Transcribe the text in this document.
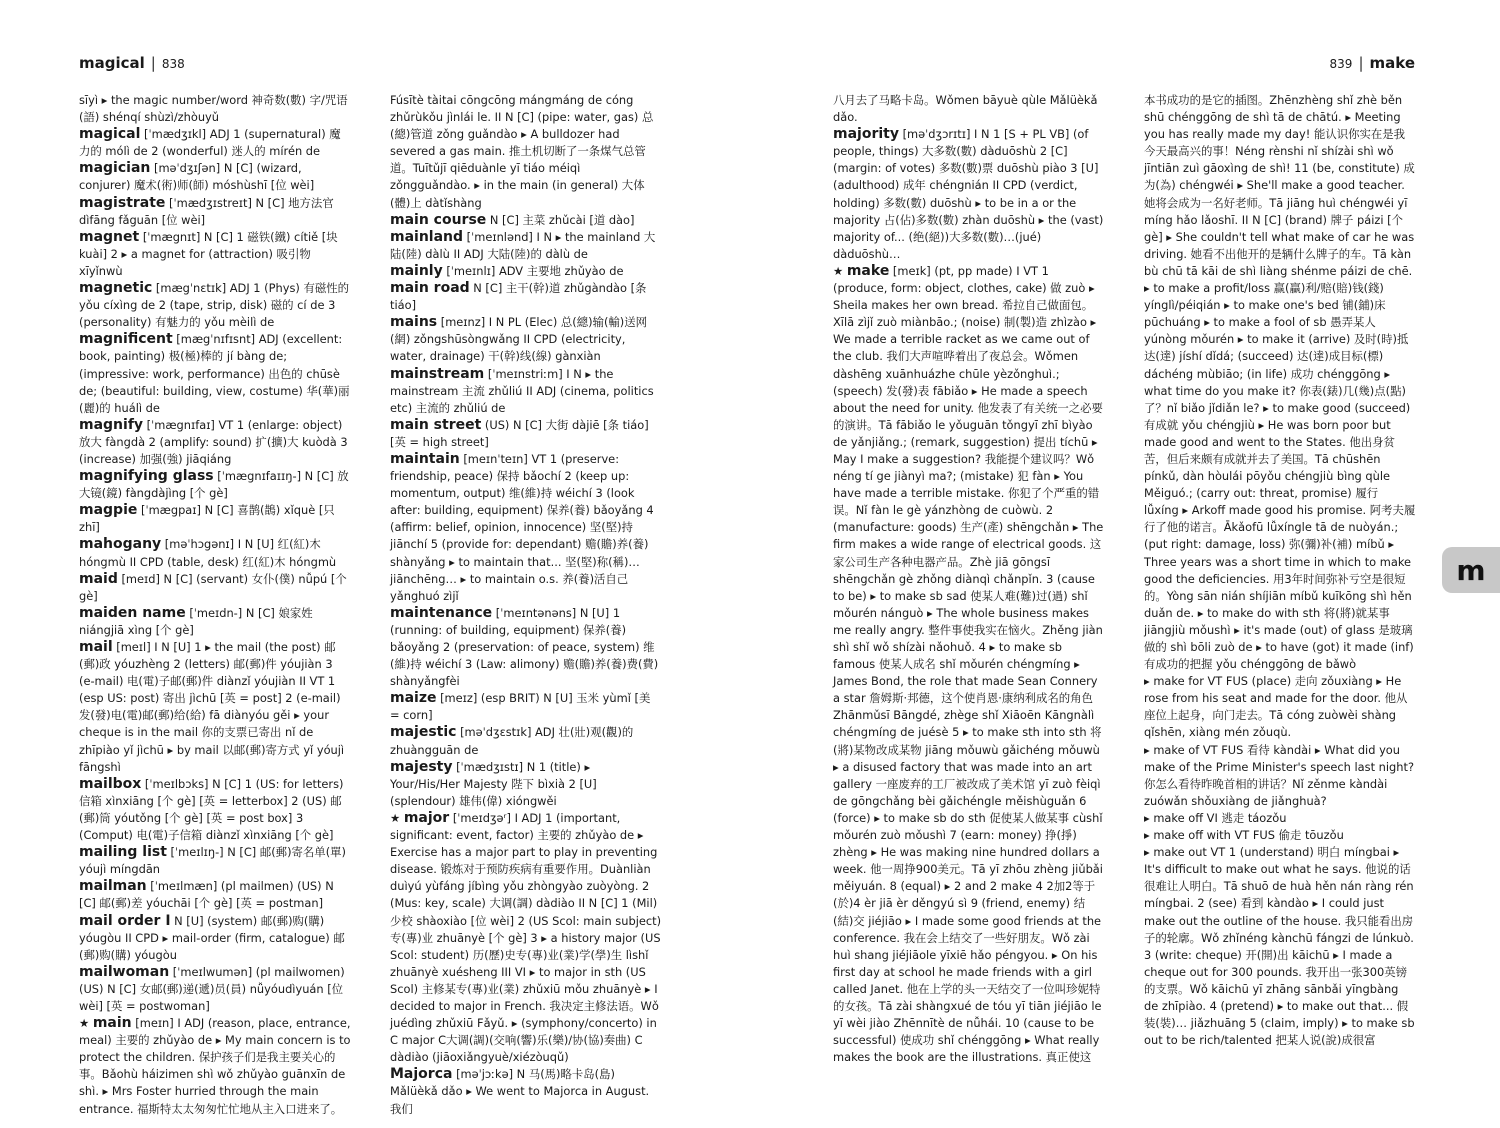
magical | 838

sīyì ▸ the magic number/word 神奇数(數) 字/咒语(語) shénqí shùzì/zhòuyǔ

magical [ˈmædʒɪkl] ADJ 1 (supernatural) 魔力的 mólì de 2 (wonderful) 迷人的 mírén de

magician [məˈdʒɪʃən] N [C] (wizard, conjurer) 魔术(術)师(師) móshùshī [位 wèi]

magistrate [ˈmædʒɪstreɪt] N [C] 地方法官 dìfāng fǎguān [位 wèi]

magnet [ˈmægnɪt] N [C] 1 磁铁(鐵) cítiě [块 kuài] 2 ▸ a magnet for (attraction) 吸引物 xīyǐnwù

magnetic [mægˈnɛtɪk] ADJ 1 (Phys) 有磁性的 yǒu cíxìng de 2 (tape, strip, disk) 磁的 cí de 3 (personality) 有魅力的 yǒu mèilì de

magnificent [mægˈnɪfɪsnt] ADJ (excellent: book, painting) 极(極)棒的 jí bàng de; (impressive: work, performance) 出色的 chūsè de; (beautiful: building, view, costume) 华(華)丽(麗)的 huálì de

magnify [ˈmægnɪfaɪ] VT 1 (enlarge: object) 放大 fàngdà 2 (amplify: sound) 扩(擴)大 kuòdà 3 (increase) 加强(強) jiāqiáng

magnifying glass [ˈmægnɪfaɪɪŋ-] N [C] 放大镜(鏡) fàngdàjìng [个 gè]

magpie [ˈmægpaɪ] N [C] 喜鹊(鵲) xǐquè [只 zhī]

mahogany [məˈhɔgənɪ] I N [U] 红(紅)木 hóngmù II CPD (table, desk) 红(紅)木 hóngmù

maid [meɪd] N [C] (servant) 女仆(僕) nǚpú [个 gè]

maiden name [ˈmeɪdn-] N [C] 娘家姓 niángjiā xìng [个 gè]

mail [meɪl] I N [U] 1 ▸ the mail (the post) 邮(郵)政 yóuzhèng 2 (letters) 邮(郵)件 yóujiàn 3 (e-mail) 电(電)子邮(郵)件 diànzǐ yóujiàn II VT 1 (esp US: post) 寄出 jìchū [英 = post] 2 (e-mail) 发(發)电(電)邮(郵)给(給) fā diànyóu gěi ▸ your cheque is in the mail 你的支票已寄出 nǐ de zhīpiào yǐ jìchū ▸ by mail 以邮(郵)寄方式 yǐ yóujì fāngshì

mailbox [ˈmeɪlbɔks] N [C] 1 (US: for letters) 信箱 xìnxiāng [个 gè] [英 = letterbox] 2 (US) 邮(郵)筒 yóutǒng [个 gè] [英 = post box] 3 (Comput) 电(電)子信箱 diànzǐ xìnxiāng [个 gè]

mailing list [ˈmeɪlɪŋ-] N [C] 邮(郵)寄名单(單) yóujì míngdān

mailman [ˈmeɪlmæn] (pl mailmen) (US) N [C] 邮(郵)差 yóuchāi [个 gè] [英 = postman]

mail order I N [U] (system) 邮(郵)购(購) yóugòu II CPD ▸ mail-order (firm, catalogue) 邮(郵)购(購) yóugòu

mailwoman [ˈmeɪlwumən] (pl mailwomen) (US) N [C] 女邮(郵)递(遞)员(員) nǚyóudìyuán [位 wèi] [英 = postwoman]

★ main [meɪn] I ADJ (reason, place, entrance, meal) 主要的 zhǔyào de ▸ My main concern is to protect the children. 保护孩子们是我主要关心的事。Bǎohù háizimen shì wǒ zhǔyào guānxīn de shì. ▸ Mrs Foster hurried through the main entrance. 福斯特太太匆匆忙忙地从主入口进来了。

Fúsītè tàitai cōngcōng mángmáng de cóng zhǔrùkǒu jìnlái le. II N [C] (pipe: water, gas) 总(總)管道 zǒng guǎndào ▸ A bulldozer had severed a gas main. 推土机切断了一条煤气总管道。Tuītǔjī qiēduànle yī tiáo méiqì zǒngguǎndào. ▸ in the main (in general) 大体(體)上 dàtǐshàng

main course N [C] 主菜 zhǔcài [道 dào]

mainland [ˈmeɪnlənd] I N ▸ the mainland 大陆(陸) dàlù II ADJ 大陆(陸)的 dàlù de

mainly [ˈmeɪnlɪ] ADV 主要地 zhǔyào de

main road N [C] 主干(幹)道 zhǔgàndào [条 tiáo]

mains [meɪnz] I N PL (Elec) 总(總)输(輸)送网(網) zǒngshūsòngwǎng II CPD (electricity, water, drainage) 干(幹)线(線) gànxiàn

mainstream [ˈmeɪnstriːm] I N ▸ the mainstream 主流 zhǔliú II ADJ (cinema, politics etc) 主流的 zhǔliú de

main street (US) N [C] 大街 dàjiē [条 tiáo] [英 = high street]

maintain [meɪnˈteɪn] VT 1 (preserve: friendship, peace) 保持 bǎochí 2 (keep up: momentum, output) 维(維)持 wéichí 3 (look after: building, equipment) 保养(養) bǎoyǎng 4 (affirm: belief, opinion, innocence) 坚(堅)持 jiānchí 5 (provide for: dependant) 赡(贍)养(養) shànyǎng ▸ to maintain that... 坚(堅)称(稱)… jiānchēng… ▸ to maintain o.s. 养(養)活自己 yǎnghuó zìjǐ

maintenance [ˈmeɪntənəns] N [U] 1 (running: of building, equipment) 保养(養) bǎoyǎng 2 (preservation: of peace, system) 维(維)持 wéichí 3 (Law: alimony) 赡(贍)养(養)费(費) shànyǎngfèi

maize [meɪz] (esp BRIT) N [U] 玉米 yùmǐ [美 = corn]

majestic [məˈdʒɛstɪk] ADJ 壮(壯)观(觀)的 zhuàngguān de

majesty [ˈmædʒɪstɪ] N 1 (title) ▸ Your/His/Her Majesty 陛下 bìxià 2 [U] (splendour) 雄伟(偉) xióngwěi

★ major [ˈmeɪdʒəʳ] I ADJ 1 (important, significant: event, factor) 主要的 zhǔyào de ▸ Exercise has a major part to play in preventing disease. 锻炼对于预防疾病有重要作用。Duànliàn duìyú yùfáng jíbìng yǒu zhòngyào zuòyòng. 2 (Mus: key, scale) 大调(調) dàdiào II N [C] 1 (Mil) 少校 shàoxiào [位 wèi] 2 (US Scol: main subject) 专(專)业 zhuānyè [个 gè] 3 ▸ a history major (US Scol: student) 历(歷)史专(專)业(業)学(學)生 lìshǐ zhuānyè xuésheng III VI ▸ to major in sth (US Scol) 主修某专(專)业(業) zhǔxiū mǒu zhuānyè ▸ I decided to major in French. 我决定主修法语。Wǒ juédìng zhǔxiū Fǎyǔ. ▸ (symphony/concerto) in C major C大调(調)(交响(響)乐(樂)/协(協)奏曲) C dàdiào (jiāoxiǎngyuè/xiézòuqǔ)

Majorca [məˈjɔːkə] N 马(馬)略卡岛(島) Mǎlüèkǎ dǎo ▸ We went to Majorca in August. 我们

839 | make

八月去了马略卡岛。Wǒmen bāyuè qùle Mǎlüèkǎ dǎo.

majority [məˈdʒɔrɪtɪ] I N 1 [S + PL VB] (of people, things) 大多数(數) dàduōshù 2 [C] (margin: of votes) 多数(數)票 duōshù piào 3 [U] (adulthood) 成年 chéngnián II CPD (verdict, holding) 多数(數) duōshù ▸ to be in a or the majority 占(佔)多数(數) zhàn duōshù ▸ the (vast) majority of... (绝(絕))大多数(數)…(jué) dàduōshù…

★ make [meɪk] (pt, pp made) I VT 1 (produce, form: object, clothes, cake) 做 zuò ▸ Sheila makes her own bread. 希拉自己做面包。Xīlā zìjǐ zuò miànbāo.; (noise) 制(製)造 zhìzào ▸ We made a terrible racket as we came out of the club. 我们大声喧哗着出了夜总会。Wǒmen dàshēng xuānhuázhe chūle yèzǒnghuì.; (speech) 发(發)表 fābiǎo ▸ He made a speech about the need for unity. 他发表了有关统一之必要的演讲。Tā fābiǎo le yǒuguān tǒngyī zhī bìyào de yǎnjiǎng.; (remark, suggestion) 提出 tíchū ▸ May I make a suggestion? 我能提个建议吗？Wǒ néng tí ge jiànyì ma?; (mistake) 犯 fàn ▸ You have made a terrible mistake. 你犯了个严重的错误。Nǐ fàn le gè yánzhòng de cuòwù. 2 (manufacture: goods) 生产(產) shēngchǎn ▸ The firm makes a wide range of electrical goods. 这家公司生产各种电器产品。Zhè jiā gōngsī shēngchǎn gè zhǒng diànqì chǎnpǐn. 3 (cause to be) ▸ to make sb sad 使某人难(難)过(過) shǐ mǒurén nánguò ▸ The whole business makes me really angry. 整件事使我实在恼火。Zhěng jiàn shì shǐ wǒ shízài nǎohuǒ. 4 ▸ to make sb famous 使某人成名 shǐ mǒurén chéngmíng ▸ James Bond, the role that made Sean Connery a star 詹姆斯·邦德，这个使肖恩·康纳利成名的角色 Zhānmǔsī Bāngdé, zhège shǐ Xiāoēn Kāngnàlì chéngmíng de juésè 5 ▸ to make sth into sth 将(將)某物改成某物 jiāng mǒuwù gǎichéng mǒuwù ▸ a disused factory that was made into an art gallery 一座废弃的工厂被改成了美术馆 yī zuò fèiqì de gōngchǎng bèi gǎichéngle měishùguǎn 6 (force) ▸ to make sb do sth 促使某人做某事 cùshǐ mǒurén zuò mǒushì 7 (earn: money) 挣(掙) zhèng ▸ He was making nine hundred dollars a week. 他一周挣900美元。Tā yī zhōu zhèng jiǔbǎi měiyuán. 8 (equal) ▸ 2 and 2 make 4 2加2等于(於)4 èr jiā èr děngyú sì 9 (friend, enemy) 结(結)交 jiéjiāo ▸ I made some good friends at the conference. 我在会上结交了一些好朋友。Wǒ zài huì shang jiéjiāole yīxiē hǎo péngyou. ▸ On his first day at school he made friends with a girl called Janet. 他在上学的头一天结交了一位叫珍妮特的女孩。Tā zài shàngxué de tóu yī tiān jiéjiāo le yī wèi jiào Zhēnnītè de nǚhái. 10 (cause to be successful) 使成功 shǐ chénggōng ▸ What really makes the book are the illustrations. 真正使这

本书成功的是它的插图。Zhēnzhèng shǐ zhè běn shū chénggōng de shì tā de chātú. ▸ Meeting you has really made my day! 能认识你实在是我今天最高兴的事！Néng rènshi nǐ shízài shì wǒ jīntiān zuì gāoxìng de shì! 11 (be, constitute) 成为(為) chéngwéi ▸ She'll make a good teacher. 她将会成为一名好老师。Tā jiāng huì chéngwéi yī míng hǎo lǎoshī. II N [C] (brand) 牌子 páizi [个 gè] ▸ She couldn't tell what make of car he was driving. 她看不出他开的是辆什么牌子的车。Tā kàn bù chū tā kāi de shì liàng shénme páizi de chē. ▸ to make a profit/loss 赢(贏)利/赔(賠)钱(錢) yínglì/péiqián ▸ to make one's bed 铺(鋪)床 pūchuáng ▸ to make a fool of sb 愚弄某人 yúnòng mǒurén ▸ to make it (arrive) 及时(時)抵达(達) jíshí dǐdá; (succeed) 达(達)成目标(標) dáchéng mùbiāo; (in life) 成功 chénggōng ▸ what time do you make it? 你表(錶)几(幾)点(點)了？nǐ biǎo jǐdiǎn le? ▸ to make good (succeed) 有成就 yǒu chéngjiù ▸ He was born poor but made good and went to the States. 他出身贫苦，但后来颇有成就并去了美国。Tā chūshēn pínkǔ, dàn hòulái pōyǒu chéngjiù bìng qùle Měiguó.; (carry out: threat, promise) 履行 lǚxíng ▸ Arkoff made good his promise. 阿考夫履行了他的诺言。Ākǎofū lǚxíngle tā de nuòyán.; (put right: damage, loss) 弥(彌)补(補) míbǔ ▸ Three years was a short time in which to make good the deficiencies. 用3年时间弥补亏空是很短的。Yòng sān nián shíjiān míbǔ kuīkōng shì hěn duǎn de. ▸ to make do with sth 将(將)就某事 jiāngjiù mǒushì ▸ it's made (out) of glass 是玻璃做的 shì bōli zuò de ▸ to have (got) it made (inf) 有成功的把握 yǒu chénggōng de bǎwò

▸ make for VT FUS (place) 走向 zǒuxiàng ▸ He rose from his seat and made for the door. 他从座位上起身，向门走去。Tā cóng zuòwèi shàng qǐshēn, xiàng mén zǒuqù.

▸ make of VT FUS 看待 kàndài ▸ What did you make of the Prime Minister's speech last night? 你怎么看待昨晚首相的讲话？Nǐ zěnme kàndài zuówǎn shǒuxiàng de jiǎnghuà?

▸ make off VI 逃走 táozǒu

▸ make off with VT FUS 偷走 tōuzǒu

▸ make out VT 1 (understand) 明白 míngbai ▸ It's difficult to make out what he says. 他说的话很难让人明白。Tā shuō de huà hěn nán ràng rén míngbai. 2 (see) 看到 kàndào ▸ I could just make out the outline of the house. 我只能看出房子的轮廓。Wǒ zhǐnéng kànchū fángzi de lúnkuò. 3 (write: cheque) 开(開)出 kāichū ▸ I made a cheque out for 300 pounds. 我开出一张300英镑的支票。Wǒ kāichū yī zhāng sānbǎi yīngbàng de zhīpiào. 4 (pretend) ▸ to make out that... 假装(裝)… jiǎzhuāng 5 (claim, imply) ▸ to make sb out to be rich/talented 把某人说(說)成很富

m
